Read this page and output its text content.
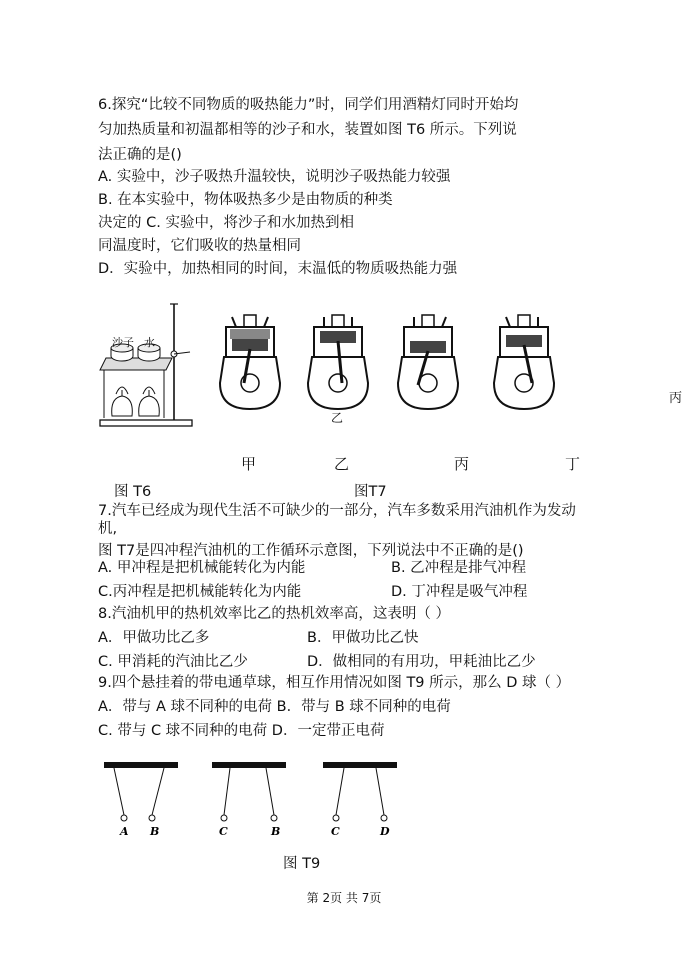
6.探究“比较不同物质的吸热能力”时，同学们用酒精灯同时开始均
匀加热质量和初温都相等的沙子和水，装置如图 T6 所示。下列说
法正确的是()
A. 实验中，沙子吸热升温较快，说明沙子吸热能力较强
B. 在本实验中，物体吸热多少是由物质的种类
决定的 C. 实验中，将沙子和水加热到相
同温度时，它们吸收的热量相同
D．实验中，加热相同的时间，末温低的物质吸热能力强
沙子 水
乙
丙
甲	乙	丙	丁
图 T6	图T7
7.汽车已经成为现代生活不可缺少的一部分，汽车多数采用汽油机作为发动
机,
图 T7是四冲程汽油机的工作循环示意图，下列说法中不正确的是()
A. 甲冲程是把机械能转化为内能	B. 乙冲程是排气冲程
C.丙冲程是把机械能转化为内能	D. 丁冲程是吸气冲程
8.汽油机甲的热机效率比乙的热机效率高，这表明（ ）
A．甲做功比乙多	B．甲做功比乙快
C. 甲消耗的汽油比乙少	D．做相同的有用功，甲耗油比乙少
9.四个悬挂着的带电通草球，相互作用情况如图 T9 所示，那么 D 球（ ）
A．带与 A 球不同种的电荷 B．带与 B 球不同种的电荷
C. 带与 C 球不同种的电荷 D．一定带正电荷
A B	C	B	C	D
图 T9
第 2页 共 7页
